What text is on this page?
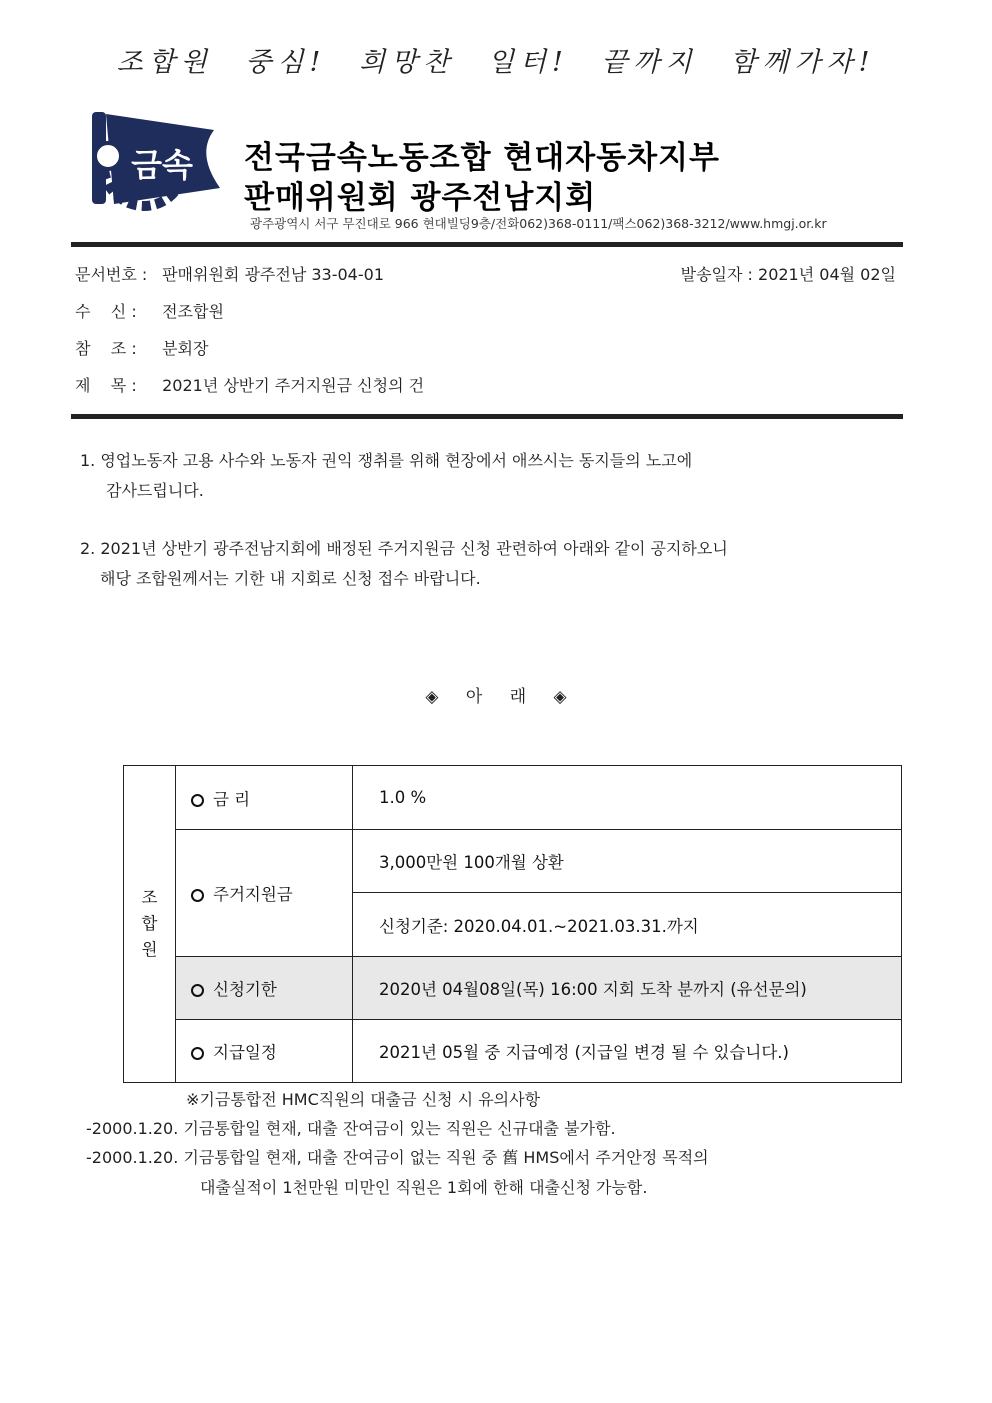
조합원 중심! 희망찬 일터! 끝까지 함께가자!
금속 전국금속노동조합 현대자동차지부
판매위원회 광주전남지회
광주광역시 서구 무진대로 966 현대빌딩9층/전화062)368-0111/팩스062)368-3212/www.hmgj.or.kr
문서번호 : 판매위원회 광주전남 33-04-01	발송일자 : 2021년 04월 02일
수    신 : 전조합원
참    조 : 분회장
제    목 : 2021년 상반기 주거지원금 신청의 건
1. 영업노동자 고용 사수와 노동자 권익 쟁취를 위해 현장에서 애쓰시는 동지들의 노고에
감사드립니다.
2. 2021년 상반기 광주전남지회에 배정된 주거지원금 신청 관련하여 아래와 같이 공지하오니
해당 조합원께서는 기한 내 지회로 신청 접수 바랍니다.
◈ 아 래 ◈
조
합
원	금 리	1.0 %
	주거지원금	3,000만원 100개월 상환
		신청기준: 2020.04.01.~2021.03.31.까지
	신청기한	2020년 04월08일(목) 16:00 지회 도착 분까지 (유선문의)
	지급일정	2021년 05월 중 지급예정 (지급일 변경 될 수 있습니다.)
※기금통합전 HMC직원의 대출금 신청 시 유의사항
-2000.1.20. 기금통합일 현재, 대출 잔여금이 있는 직원은 신규대출 불가함.
-2000.1.20. 기금통합일 현재, 대출 잔여금이 없는 직원 중 舊 HMS에서 주거안정 목적의
대출실적이 1천만원 미만인 직원은 1회에 한해 대출신청 가능함.
